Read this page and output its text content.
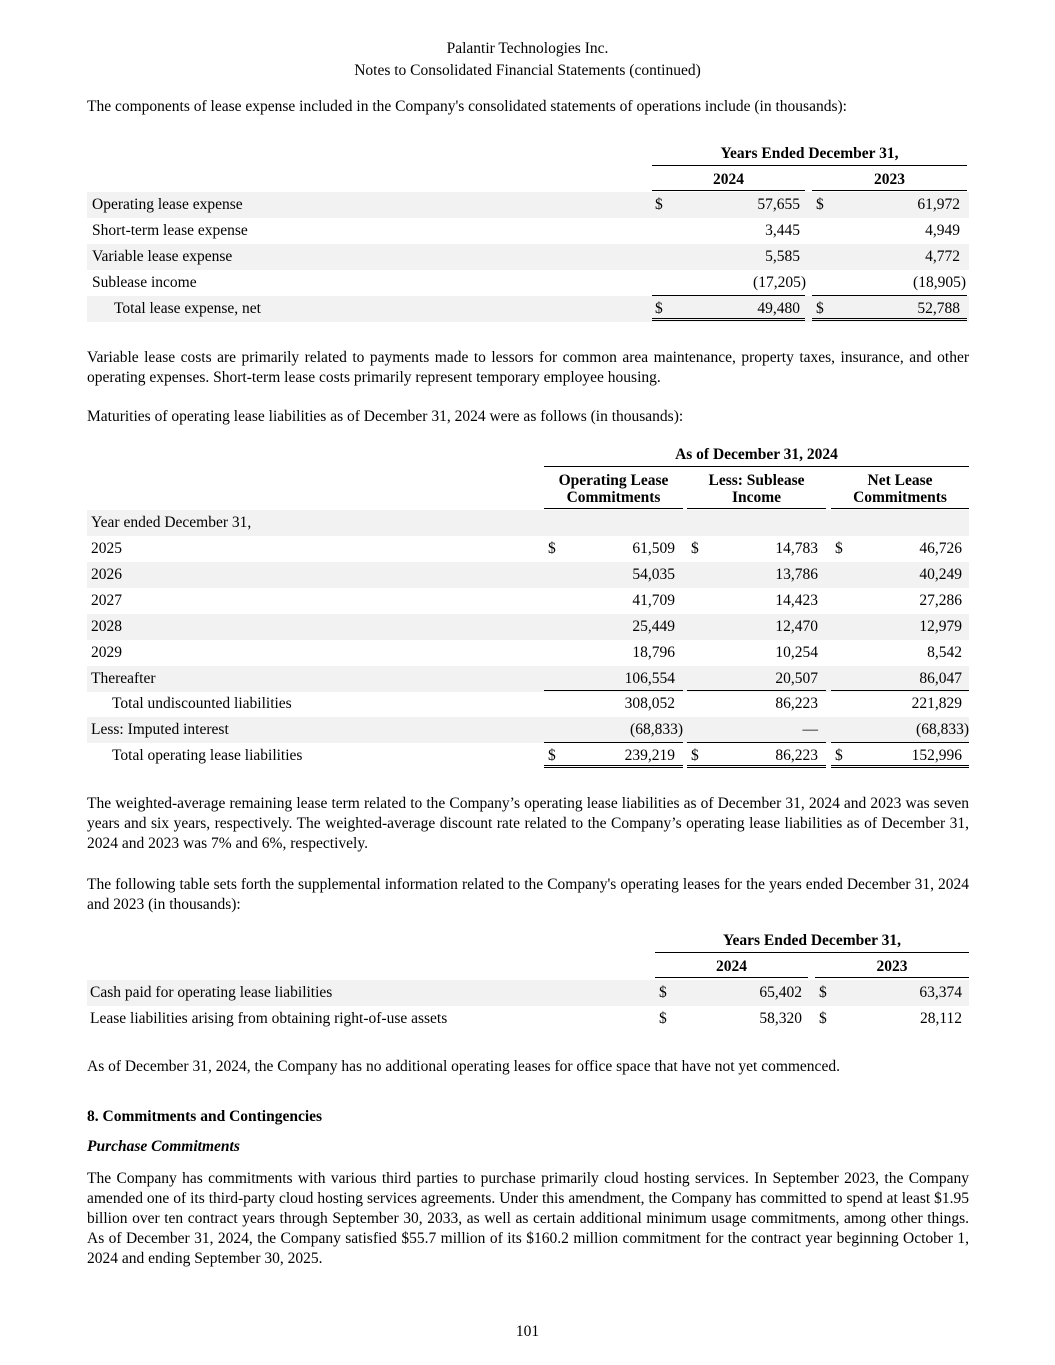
Palantir Technologies Inc.
Notes to Consolidated Financial Statements (continued)
The components of lease expense included in the Company's consolidated statements of operations include (in thousands):
Years Ended December 31,
2024	2023
Operating lease expense	$	57,655 $	61,972
Short-term lease expense	3,445	4,949
Variable lease expense	5,585	4,772
Sublease income	(17,205)	(18,905)
Total lease expense, net	$	49,480 $	52,788
Variable lease costs are primarily related to payments made to lessors for common area maintenance, property taxes, insurance, and other operating expenses. Short-term lease costs primarily represent temporary employee housing.
Maturities of operating lease liabilities as of December 31, 2024 were as follows (in thousands):
As of December 31, 2024
Operating Lease
Commitments
Less: Sublease
Income
Net Lease
Commitments
Year ended December 31,
2025	$	61,509 $	14,783 $	46,726
2026	54,035	13,786	40,249
2027	41,709	14,423	27,286
2028	25,449	12,470	12,979
2029	18,796	10,254	8,542
Thereafter	106,554	20,507	86,047
Total undiscounted liabilities	308,052	86,223	221,829
Less: Imputed interest	(68,833)	—	(68,833)
Total operating lease liabilities	$	239,219 $	86,223 $	152,996
The weighted-average remaining lease term related to the Company’s operating lease liabilities as of December 31, 2024 and 2023 was seven years and six years, respectively. The weighted-average discount rate related to the Company’s operating lease liabilities as of December 31, 2024 and 2023 was 7% and 6%, respectively.
The following table sets forth the supplemental information related to the Company's operating leases for the years ended December 31, 2024 and 2023 (in thousands):
Years Ended December 31,
2024	2023
Cash paid for operating lease liabilities	$	65,402 $	63,374
Lease liabilities arising from obtaining right-of-use assets	$	58,320 $	28,112
As of December 31, 2024, the Company has no additional operating leases for office space that have not yet commenced.
8. Commitments and Contingencies
Purchase Commitments
The Company has commitments with various third parties to purchase primarily cloud hosting services. In September 2023, the Company amended one of its third-party cloud hosting services agreements. Under this amendment, the Company has committed to spend at least $1.95 billion over ten contract years through September 30, 2033, as well as certain additional minimum usage commitments, among other things. As of December 31, 2024, the Company satisfied $55.7 million of its $160.2 million commitment for the contract year beginning October 1, 2024 and ending September 30, 2025.
101
